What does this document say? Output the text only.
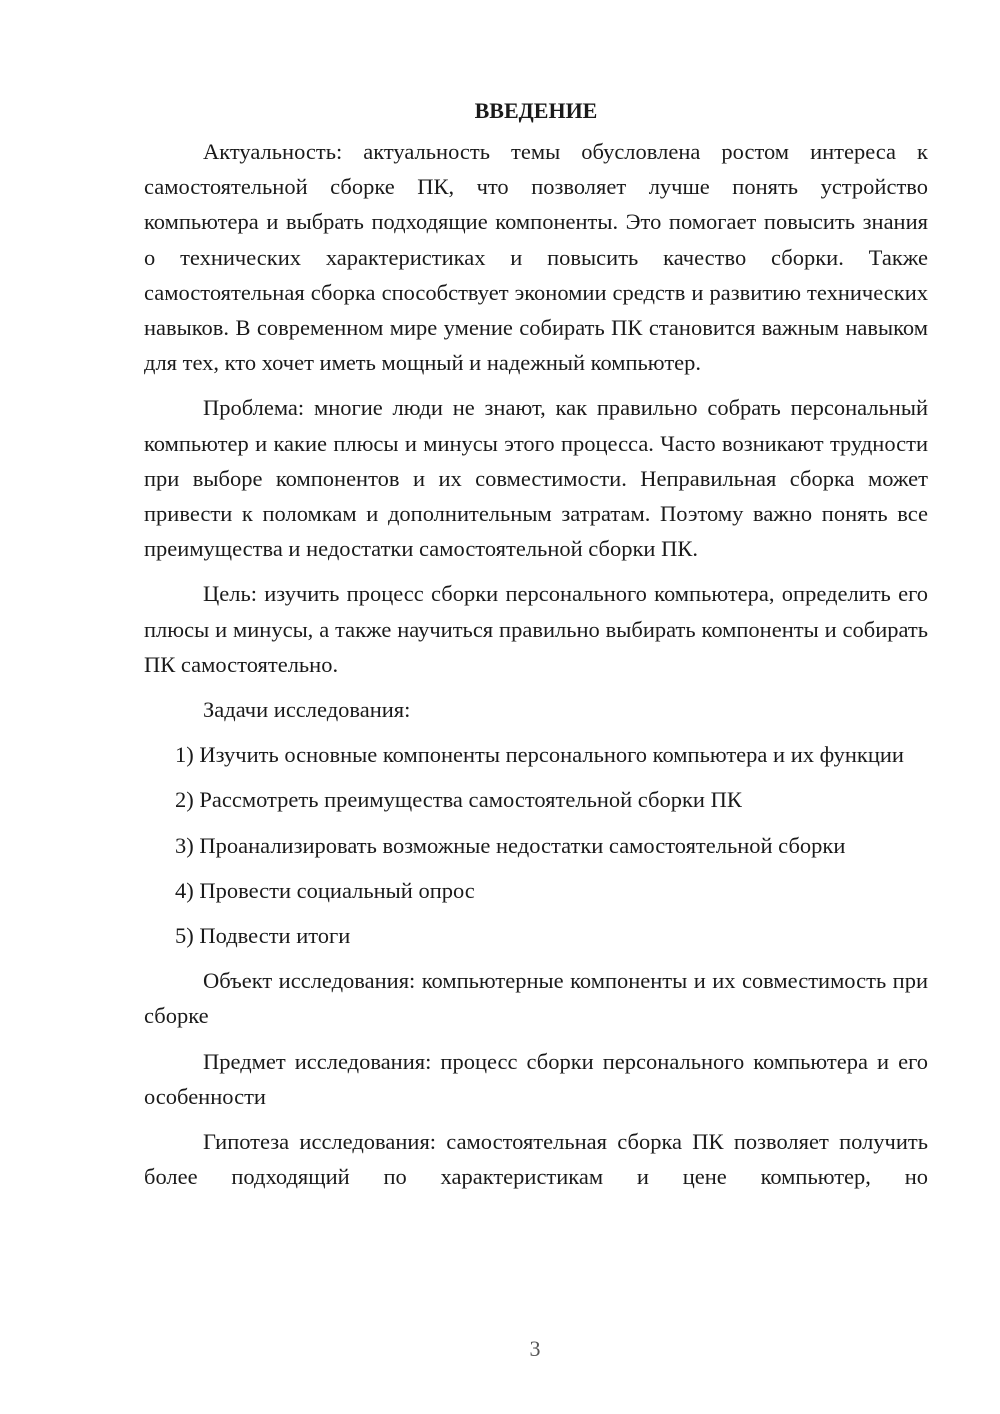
ВВЕДЕНИЕ

Актуальность: актуальность темы обусловлена ростом интереса к самостоятельной сборке ПК, что позволяет лучше понять устройство компьютера и выбрать подходящие компоненты. Это помогает повысить знания о технических характеристиках и повысить качество сборки. Также самостоятельная сборка способствует экономии средств и развитию технических навыков. В современном мире умение собирать ПК становится важным навыком для тех, кто хочет иметь мощный и надежный компьютер.

Проблема: многие люди не знают, как правильно собрать персональный компьютер и какие плюсы и минусы этого процесса. Часто возникают трудности при выборе компонентов и их совместимости. Неправильная сборка может привести к поломкам и дополнительным затратам. Поэтому важно понять все преимущества и недостатки самостоятельной сборки ПК.

Цель: изучить процесс сборки персонального компьютера, определить его плюсы и минусы, а также научиться правильно выбирать компоненты и собирать ПК самостоятельно.

Задачи исследования:

1) Изучить основные компоненты персонального компьютера и их функции

2) Рассмотреть преимущества самостоятельной сборки ПК

3) Проанализировать возможные недостатки самостоятельной сборки

4) Провести социальный опрос

5) Подвести итоги

Объект исследования: компьютерные компоненты и их совместимость при сборке

Предмет исследования: процесс сборки персонального компьютера и его особенности

Гипотеза исследования: самостоятельная сборка ПК позволяет получить более подходящий по характеристикам и цене компьютер, но

3
